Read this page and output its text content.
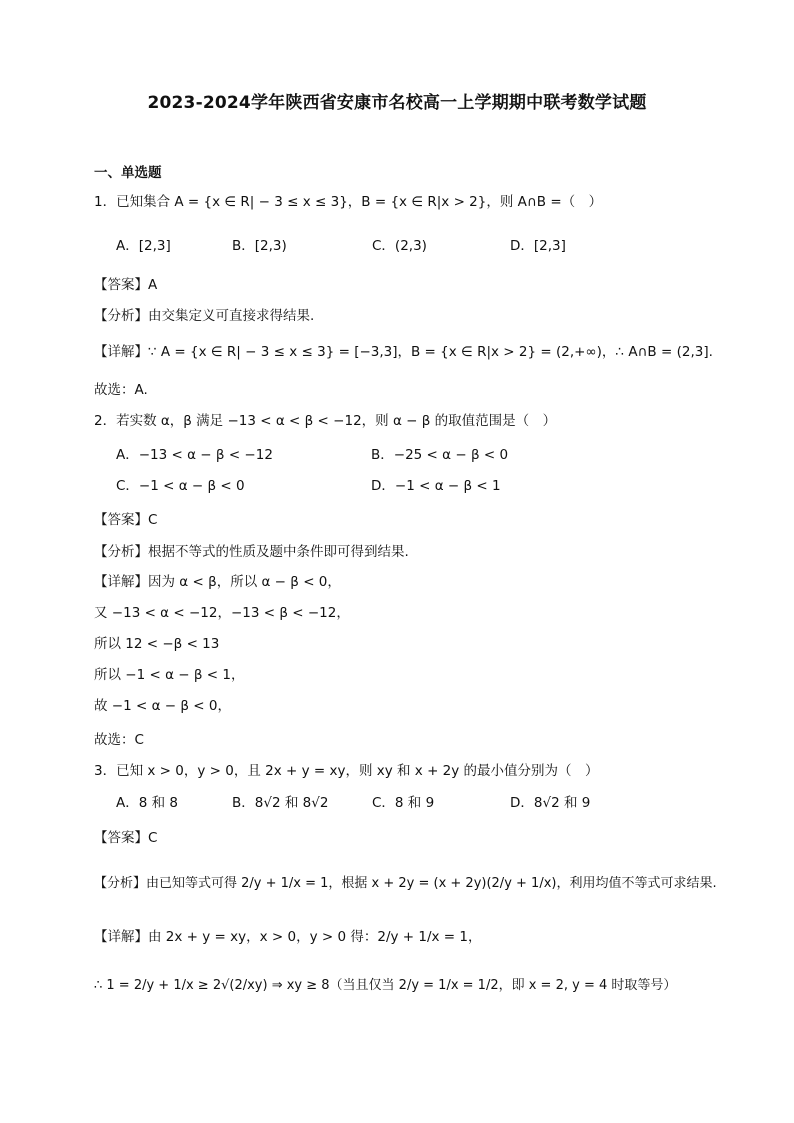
2023-2024学年陕西省安康市名校高一上学期期中联考数学试题
一、单选题
1．已知集合 A = {x ∈ R| − 3 ≤ x ≤ 3}，B = {x ∈ R|x > 2}，则 A∩B =（　）
A．[2,3]	B．[2,3)	C．(2,3)	D．[2,3]
【答案】A
【分析】由交集定义可直接求得结果.
【详解】∵ A = {x ∈ R| − 3 ≤ x ≤ 3} = [−3,3]，B = {x ∈ R|x > 2} = (2,+∞)，∴ A∩B = (2,3].
故选：A.
2．若实数 α，β 满足 −13 < α < β < −12，则 α − β 的取值范围是（　）
A．−13 < α − β < −12	B．−25 < α − β < 0
C．−1 < α − β < 0	D．−1 < α − β < 1
【答案】C
【分析】根据不等式的性质及题中条件即可得到结果.
【详解】因为 α < β，所以 α − β < 0，
又 −13 < α < −12，−13 < β < −12，
所以 12 < −β < 13
所以 −1 < α − β < 1，
故 −1 < α − β < 0，
故选：C
3．已知 x > 0，y > 0，且 2x + y = xy，则 xy 和 x + 2y 的最小值分别为（　）
A．8 和 8	B．8√2 和 8√2	C．8 和 9	D．8√2 和 9
【答案】C
【分析】由已知等式可得 2/y + 1/x = 1，根据 x + 2y = (x + 2y)(2/y + 1/x)，利用均值不等式可求结果.
【详解】由 2x + y = xy，x > 0，y > 0 得：2/y + 1/x = 1，
∴ 1 = 2/y + 1/x ≥ 2√(2/xy) ⇒ xy ≥ 8（当且仅当 2/y = 1/x = 1/2，即 x = 2, y = 4 时取等号）
